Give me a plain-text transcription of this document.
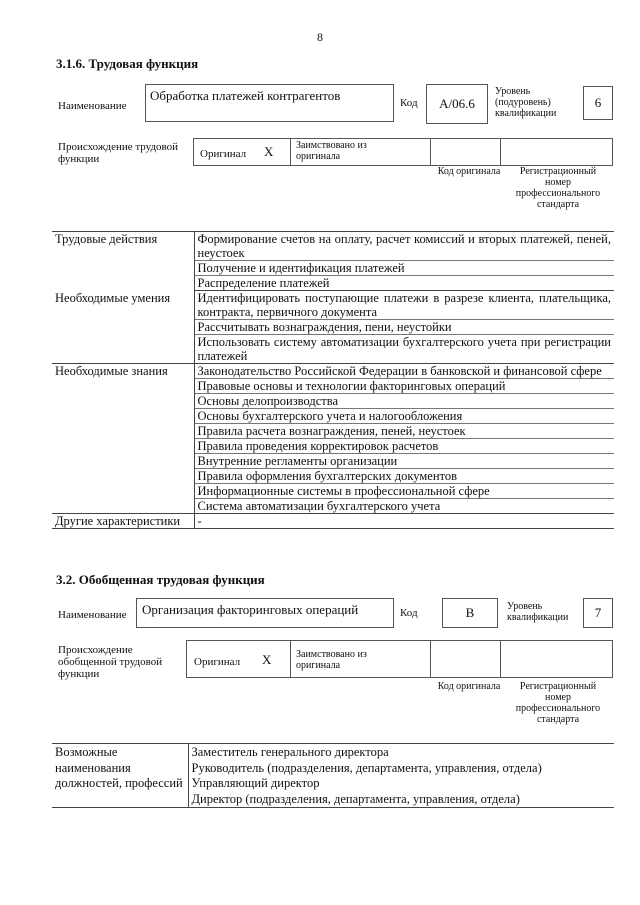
8
3.1.6. Трудовая функция
Наименование
Обработка платежей контрагентов	Код	A/06.6
Уровень (подуровень) квалификации
6
Происхождение трудовой функции	Оригинал X Заимствовано из оригинала
Код оригинала	Регистрационный номер профессионального стандарта
Трудовые действия	Формирование счетов на оплату, расчет комиссий и вторых платежей, пеней, неустоек
	Получение и идентификация платежей
	Распределение платежей
Необходимые умения	Идентифицировать поступающие платежи в разрезе клиента, плательщика, контракта, первичного документа
	Рассчитывать вознаграждения, пени, неустойки
	Использовать систему автоматизации бухгалтерского учета при регистрации платежей
Необходимые знания	Законодательство Российской Федерации в банковской и финансовой сфере
	Правовые основы и технологии факторинговых операций
	Основы делопроизводства
	Основы бухгалтерского учета и налогообложения
	Правила расчета вознаграждения, пеней, неустоек
	Правила проведения корректировок расчетов
	Внутренние регламенты организации
	Правила оформления бухгалтерских документов
	Информационные системы в профессиональной сфере
	Система автоматизации бухгалтерского учета
Другие характеристики	-
3.2. Обобщенная трудовая функция
Наименование	Организация факторинговых операций	Код	B	Уровень квалификации	7
Происхождение обобщенной трудовой функции
Оригинал X Заимствовано из оригинала
Код оригинала	Регистрационный номер профессионального стандарта
Возможные наименования должностей, профессий	Заместитель генерального директора
Руководитель (подразделения, департамента, управления, отдела)
Управляющий директор
Директор (подразделения, департамента, управления, отдела)
